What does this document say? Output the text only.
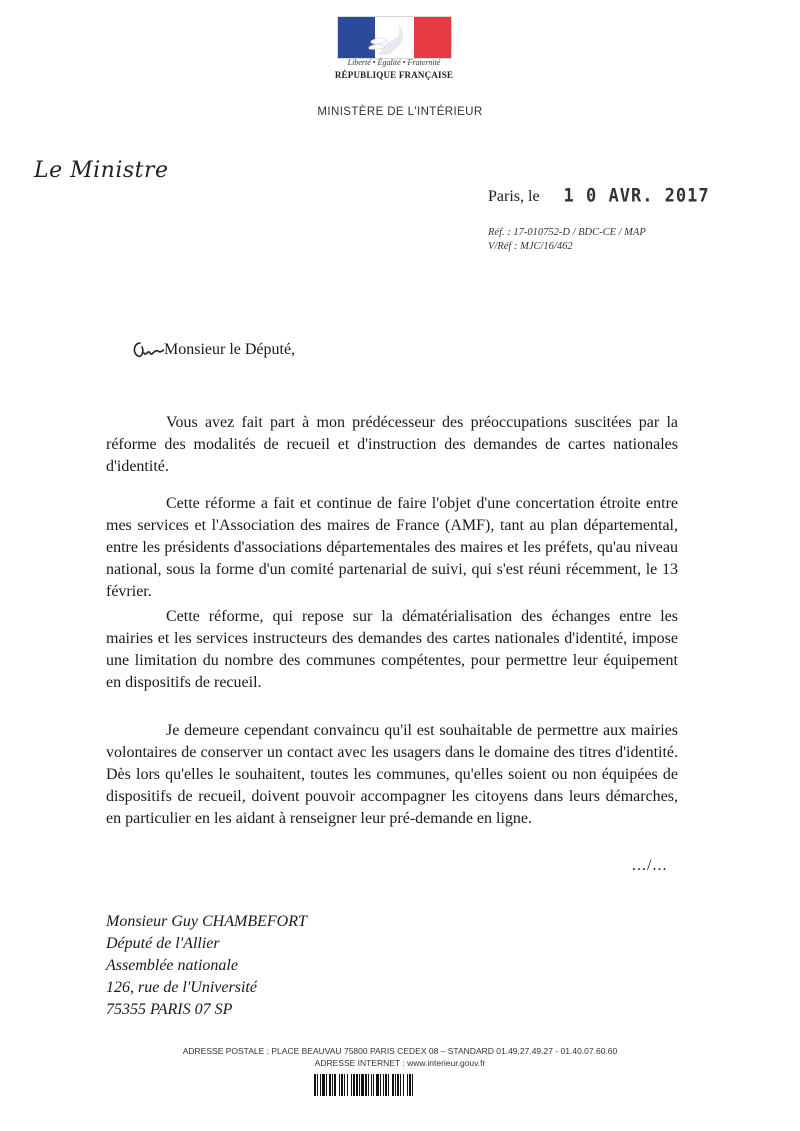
Liberté • Égalité • Fraternité
RÉPUBLIQUE FRANÇAISE
MINISTÈRE DE L'INTÉRIEUR
Le Ministre
Paris, le 1 0 AVR. 2017
Réf. : 17-010752-D / BDC-CE / MAP
V/Réf : MJC/16/462
Monsieur le Député,

Vous avez fait part à mon prédécesseur des préoccupations suscitées par la réforme des modalités de recueil et d'instruction des demandes de cartes nationales d'identité.

Cette réforme a fait et continue de faire l'objet d'une concertation étroite entre mes services et l'Association des maires de France (AMF), tant au plan départemental, entre les présidents d'associations départementales des maires et les préfets, qu'au niveau national, sous la forme d'un comité partenarial de suivi, qui s'est réuni récemment, le 13 février.

Cette réforme, qui repose sur la dématérialisation des échanges entre les mairies et les services instructeurs des demandes des cartes nationales d'identité, impose une limitation du nombre des communes compétentes, pour permettre leur équipement en dispositifs de recueil.

Je demeure cependant convaincu qu'il est souhaitable de permettre aux mairies volontaires de conserver un contact avec les usagers dans le domaine des titres d'identité. Dès lors qu'elles le souhaitent, toutes les communes, qu'elles soient ou non équipées de dispositifs de recueil, doivent pouvoir accompagner les citoyens dans leurs démarches, en particulier en les aidant à renseigner leur pré-demande en ligne.

.../...
Monsieur Guy CHAMBEFORT
Député de l'Allier
Assemblée nationale
126, rue de l'Université
75355 PARIS 07 SP
ADRESSE POSTALE : PLACE BEAUVAU 75800 PARIS CEDEX 08 – STANDARD 01.49.27.49.27 - 01.40.07.60.60
ADRESSE INTERNET : www.interieur.gouv.fr
